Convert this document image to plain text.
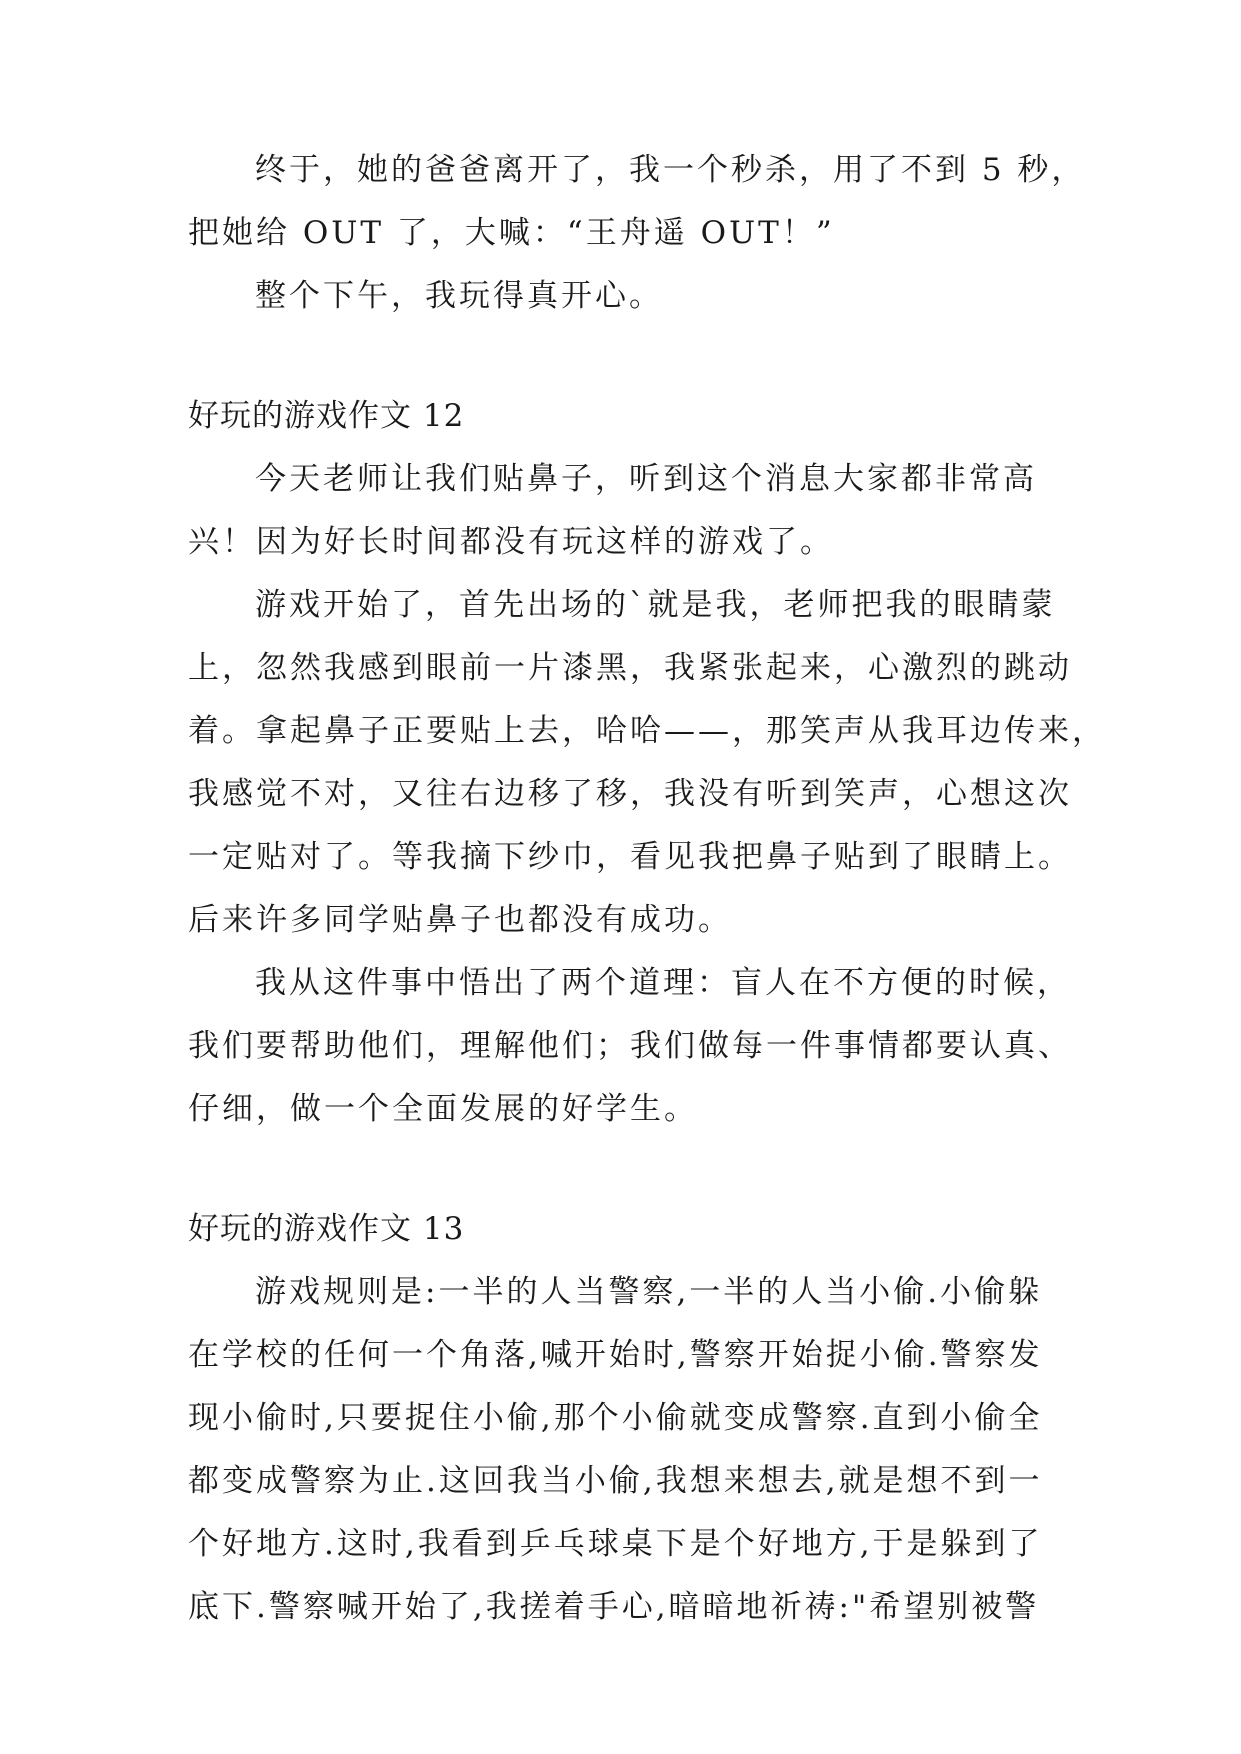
终于，她的爸爸离开了，我一个秒杀，用了不到 5 秒，
把她给 OUT 了，大喊：“王舟遥 OUT！”
整个下午，我玩得真开心。
好玩的游戏作文 12
今天老师让我们贴鼻子，听到这个消息大家都非常高
兴！因为好长时间都没有玩这样的游戏了。
游戏开始了，首先出场的`就是我，老师把我的眼睛蒙
上，忽然我感到眼前一片漆黑，我紧张起来，心激烈的跳动
着。拿起鼻子正要贴上去，哈哈——，那笑声从我耳边传来，
我感觉不对，又往右边移了移，我没有听到笑声，心想这次
一定贴对了。等我摘下纱巾，看见我把鼻子贴到了眼睛上。
后来许多同学贴鼻子也都没有成功。
我从这件事中悟出了两个道理：盲人在不方便的时候，
我们要帮助他们，理解他们；我们做每一件事情都要认真、
仔细，做一个全面发展的好学生。
好玩的游戏作文 13
游戏规则是:一半的人当警察,一半的人当小偷.小偷躲
在学校的任何一个角落,喊开始时,警察开始捉小偷.警察发
现小偷时,只要捉住小偷,那个小偷就变成警察.直到小偷全
都变成警察为止.这回我当小偷,我想来想去,就是想不到一
个好地方.这时,我看到乒乓球桌下是个好地方,于是躲到了
底下.警察喊开始了,我搓着手心,暗暗地祈祷:"希望别被警
